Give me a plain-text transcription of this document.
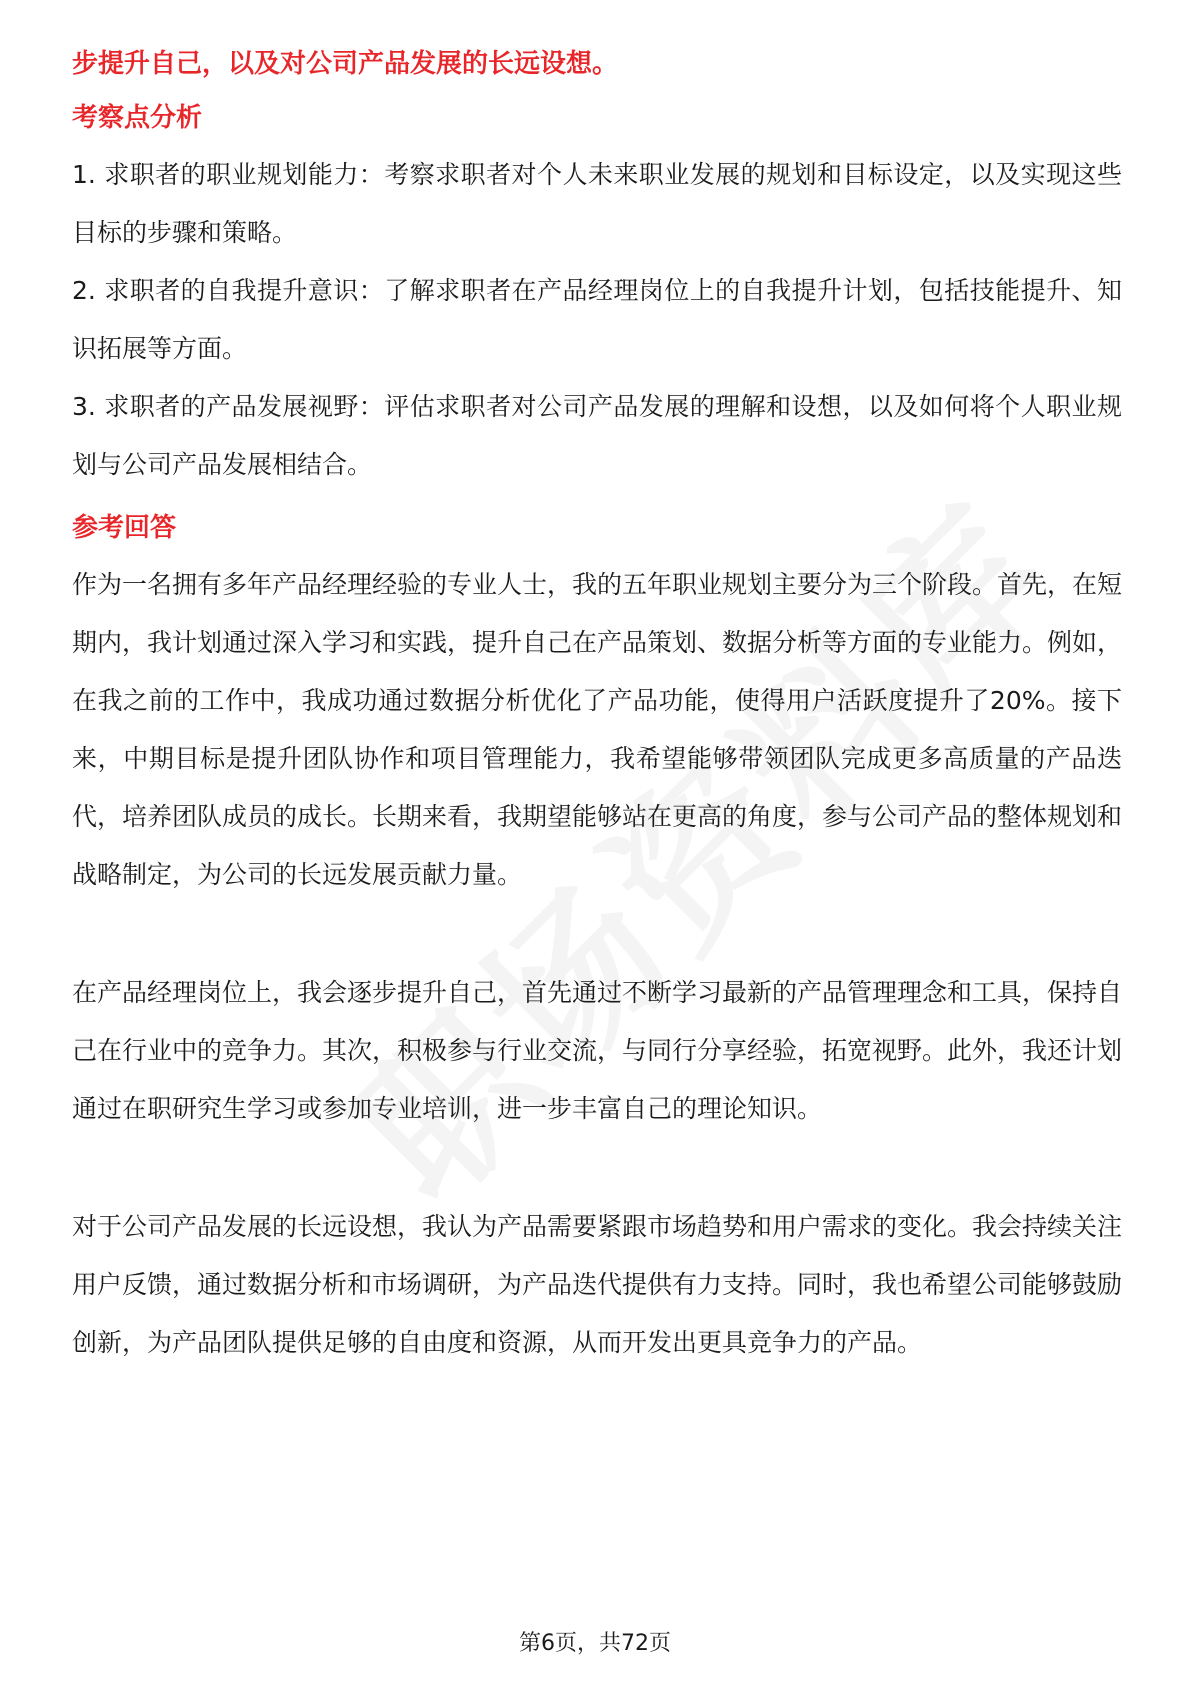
步提升自己，以及对公司产品发展的长远设想。

考察点分析

1. 求职者的职业规划能力：考察求职者对个人未来职业发展的规划和目标设定，以及实现这些目标的步骤和策略。

2. 求职者的自我提升意识：了解求职者在产品经理岗位上的自我提升计划，包括技能提升、知识拓展等方面。

3. 求职者的产品发展视野：评估求职者对公司产品发展的理解和设想，以及如何将个人职业规划与公司产品发展相结合。

参考回答

作为一名拥有多年产品经理经验的专业人士，我的五年职业规划主要分为三个阶段。首先，在短期内，我计划通过深入学习和实践，提升自己在产品策划、数据分析等方面的专业能力。例如，在我之前的工作中，我成功通过数据分析优化了产品功能，使得用户活跃度提升了20%。接下来，中期目标是提升团队协作和项目管理能力，我希望能够带领团队完成更多高质量的产品迭代，培养团队成员的成长。长期来看，我期望能够站在更高的角度，参与公司产品的整体规划和战略制定，为公司的长远发展贡献力量。

在产品经理岗位上，我会逐步提升自己，首先通过不断学习最新的产品管理理念和工具，保持自己在行业中的竞争力。其次，积极参与行业交流，与同行分享经验，拓宽视野。此外，我还计划通过在职研究生学习或参加专业培训，进一步丰富自己的理论知识。

对于公司产品发展的长远设想，我认为产品需要紧跟市场趋势和用户需求的变化。我会持续关注用户反馈，通过数据分析和市场调研，为产品迭代提供有力支持。同时，我也希望公司能够鼓励创新，为产品团队提供足够的自由度和资源，从而开发出更具竞争力的产品。

第6页，共72页
